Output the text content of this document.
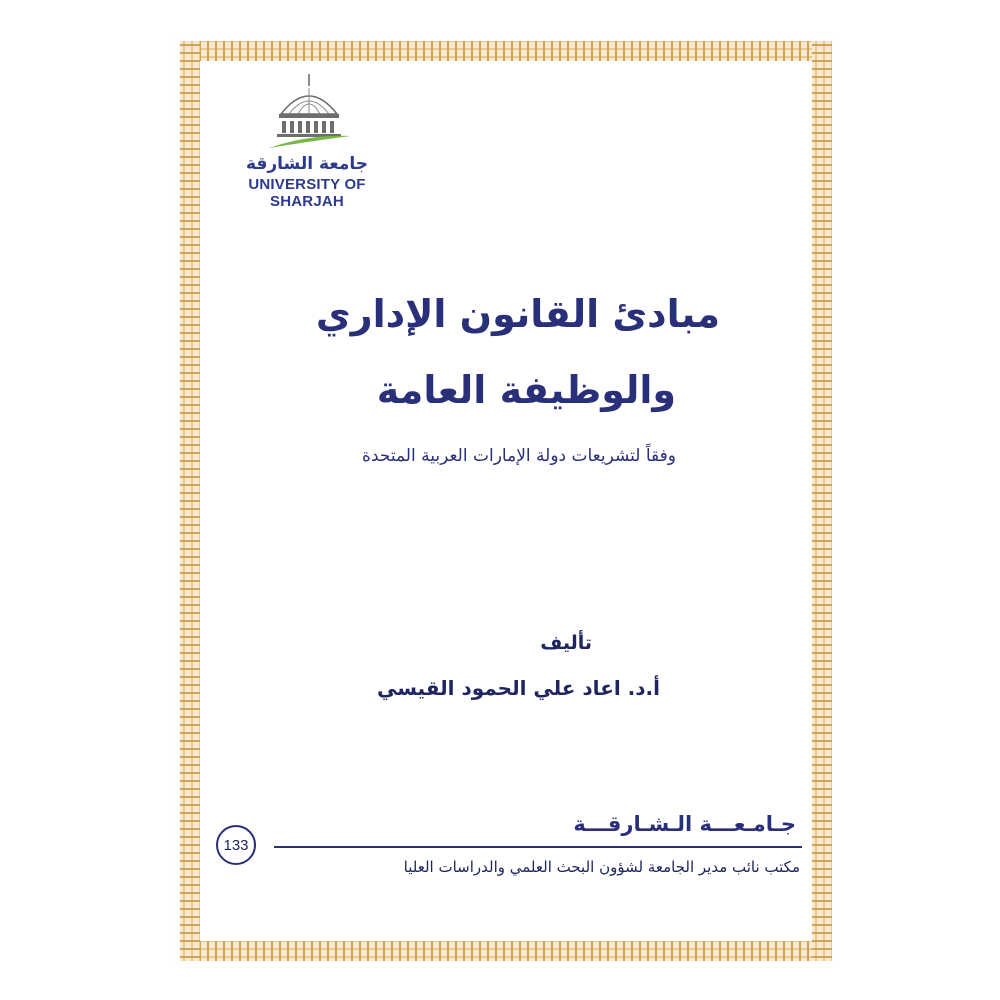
جامعة الشارقة
UNIVERSITY OF SHARJAH
مبادئ القانون الإداري
والوظيفة العامة
وفقاً لتشريعات دولة الإمارات العربية المتحدة
تأليف
أ.د. اعاد علي الحمود القيسي
جـامـعـــة الـشـارقـــة
133
مكتب نائب مدير الجامعة لشؤون البحث العلمي والدراسات العليا
